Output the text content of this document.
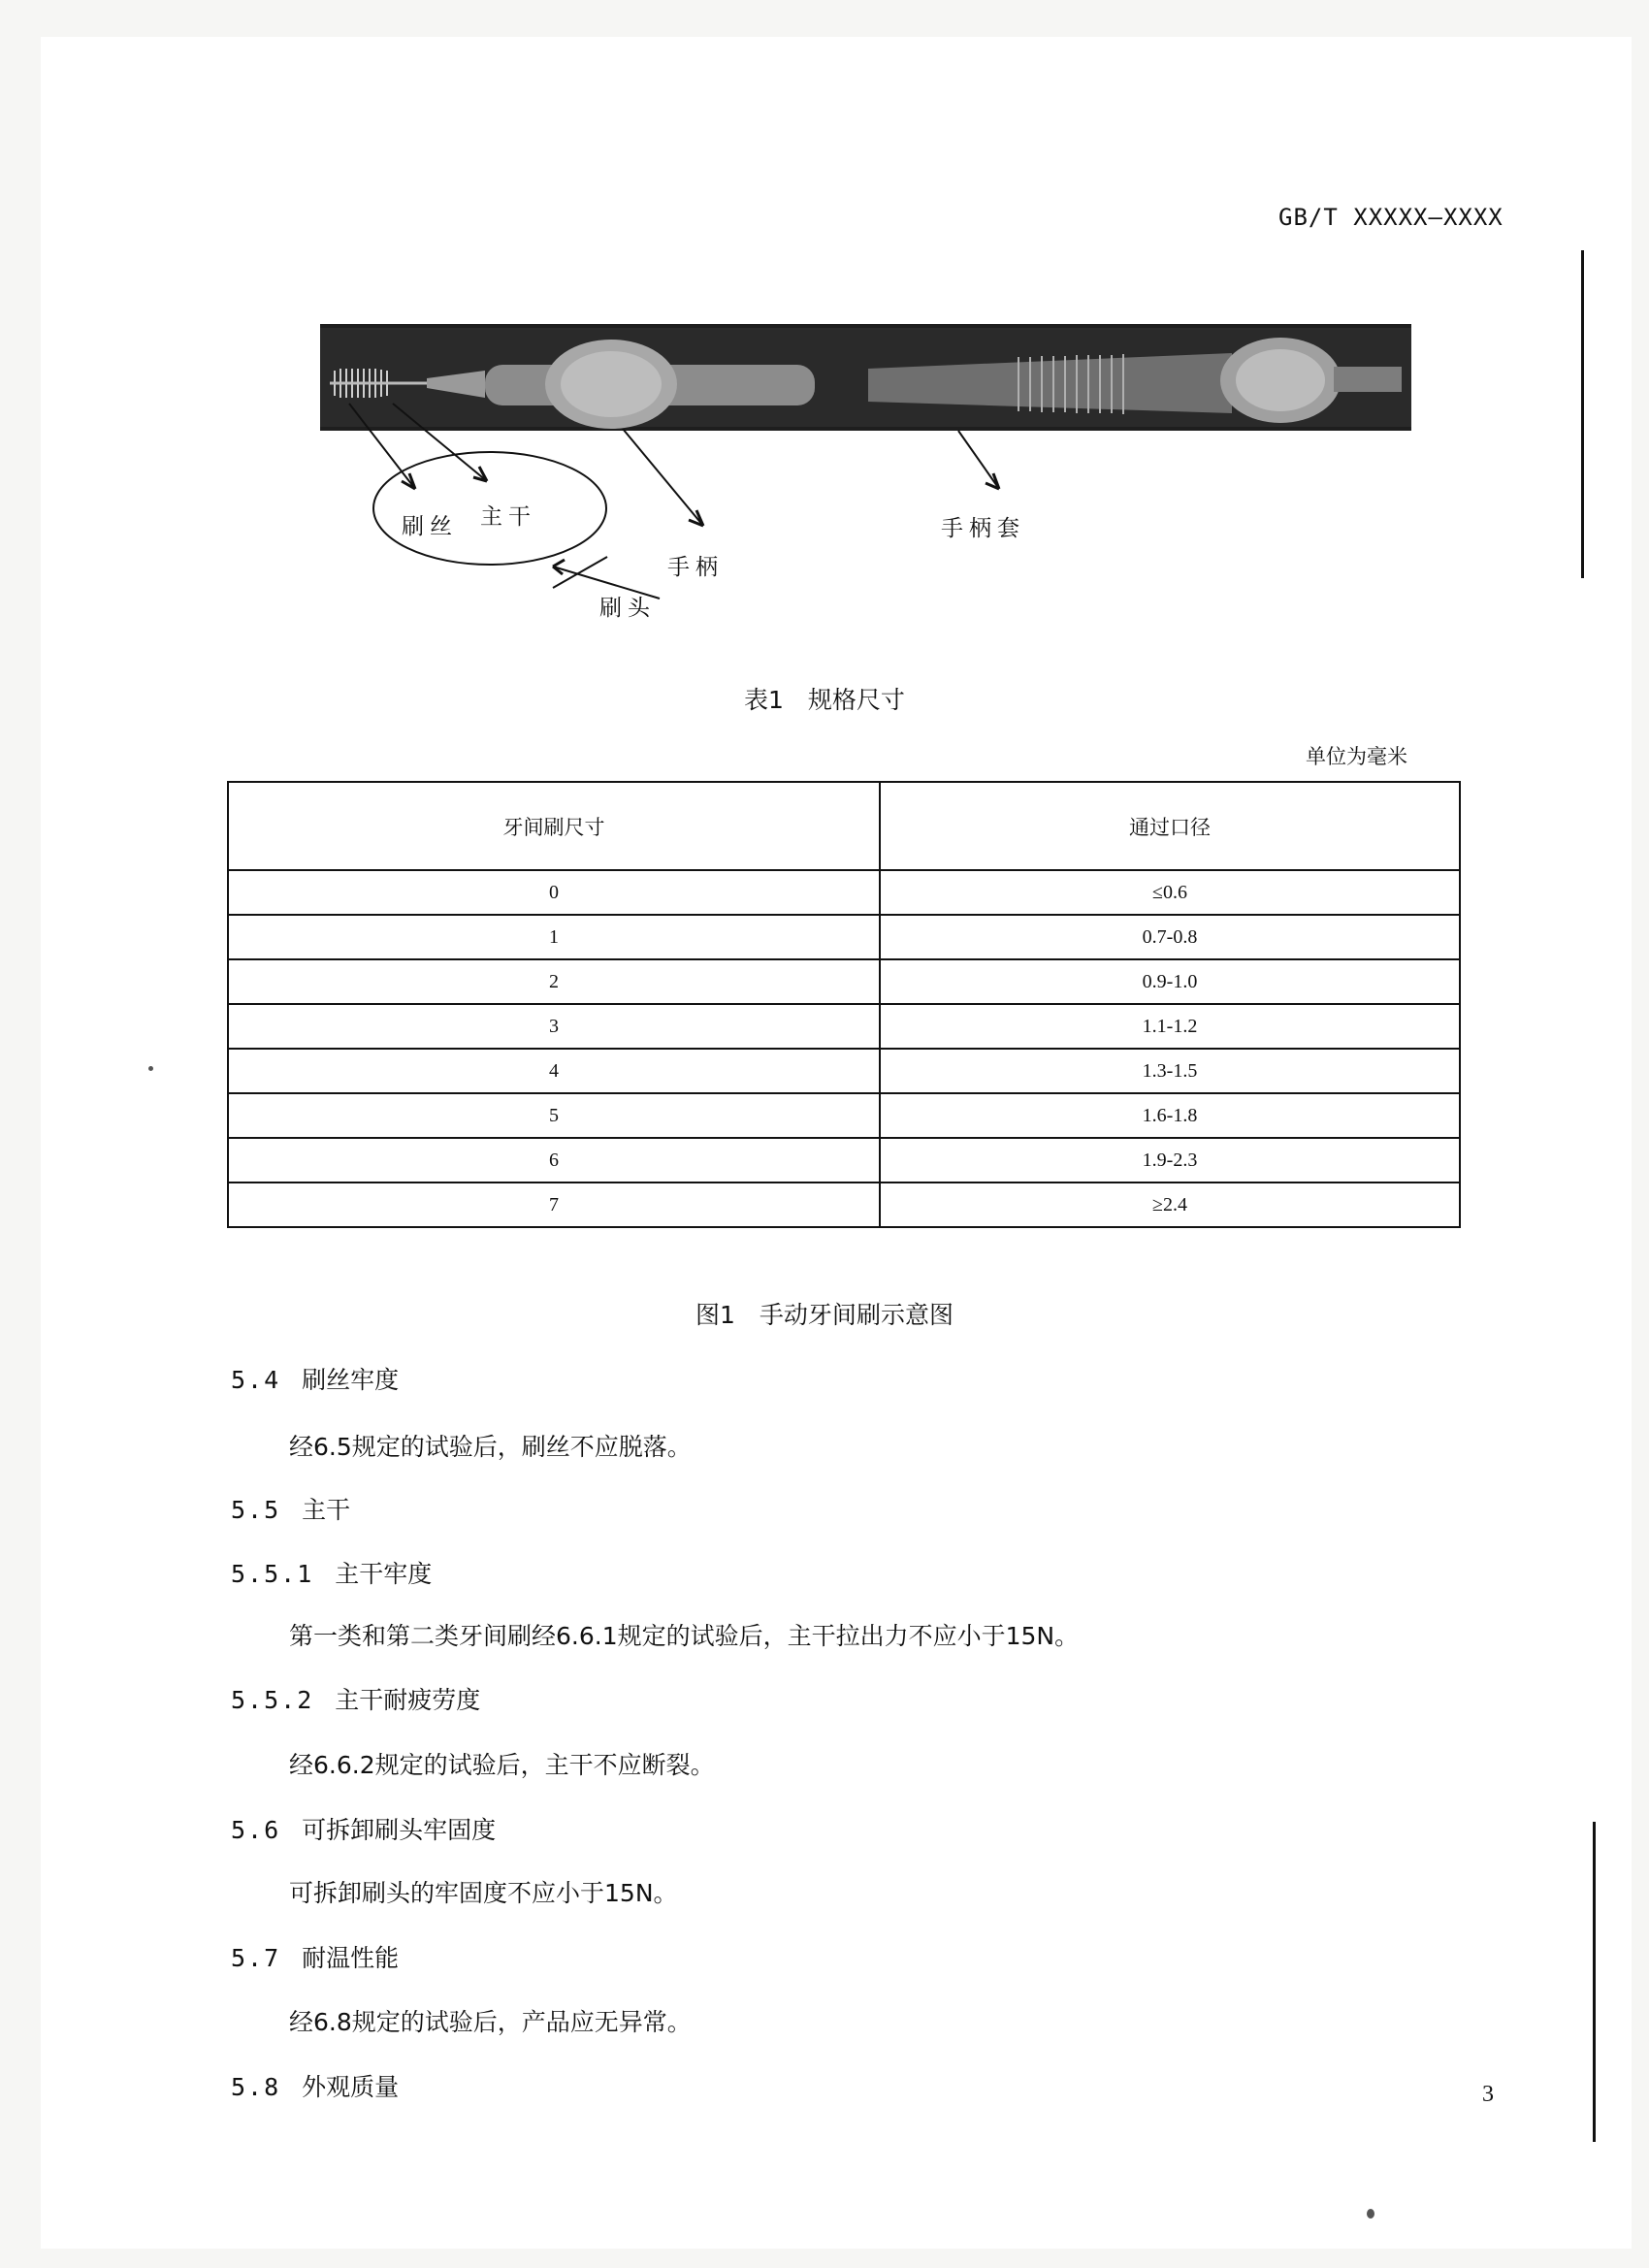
GB/T XXXXX—XXXX
刷丝 主干
手柄
手柄套
刷头
表1　规格尺寸
单位为毫米
牙间刷尺寸	通过口径
0	≤0.6
1	0.7-0.8
2	0.9-1.0
3	1.1-1.2
4	1.3-1.5
5	1.6-1.8
6	1.9-2.3
7	≥2.4
图1　手动牙间刷示意图
5.4 刷丝牢度
经6.5规定的试验后，刷丝不应脱落。
5.5 主干
5.5.1 主干牢度
第一类和第二类牙间刷经6.6.1规定的试验后，主干拉出力不应小于15N。
5.5.2 主干耐疲劳度
经6.6.2规定的试验后，主干不应断裂。
5.6 可拆卸刷头牢固度
可拆卸刷头的牢固度不应小于15N。
5.7 耐温性能
经6.8规定的试验后，产品应无异常。
5.8 外观质量	3
